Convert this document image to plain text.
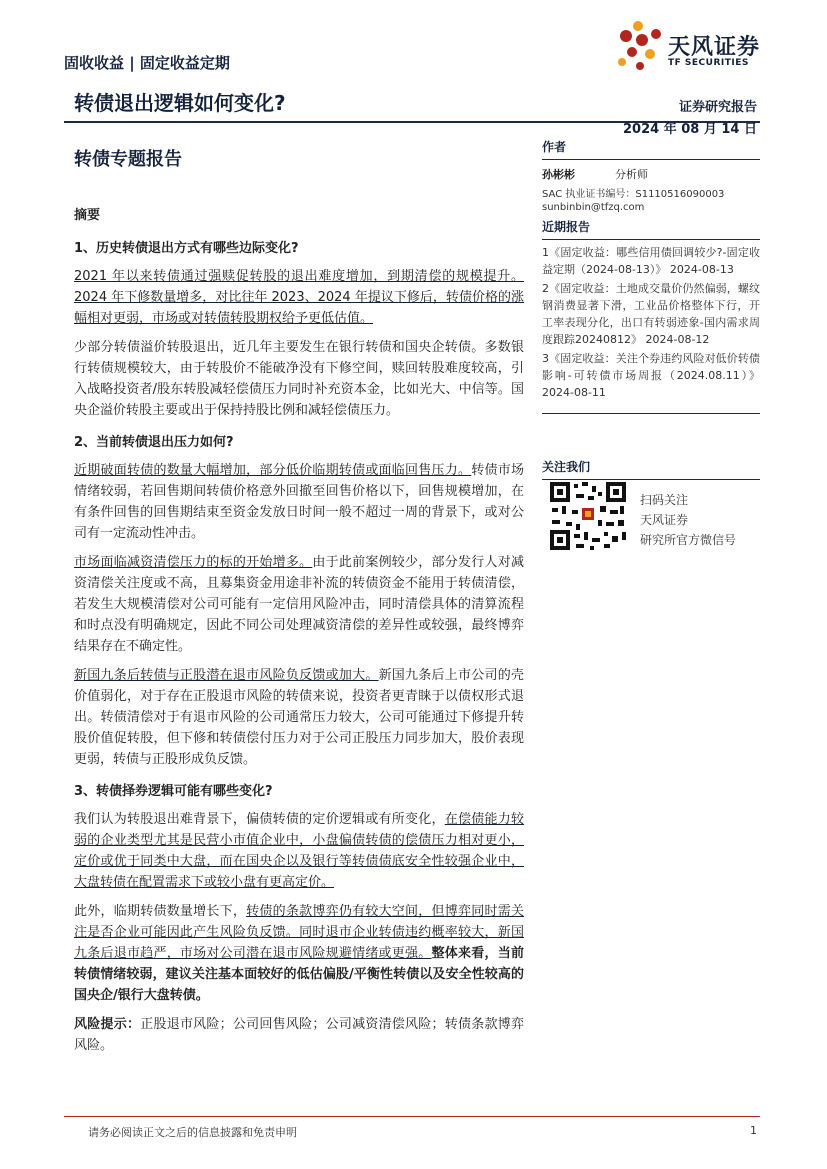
固收收益 | 固定收益定期
转债退出逻辑如何变化?
转债专题报告
证券研究报告
2024 年 08 月 14 日
天风证券
TF SECURITIES
作者
孙彬彬	分析师
SAC 执业证书编号：S1110516090003
sunbinbin@tfzq.com
近期报告
1《固定收益：哪些信用债回调较少?-固定收益定期（2024-08-13）》 2024-08-13
2《固定收益：土地成交量价仍然偏弱，螺纹钢消费显著下滑，工业品价格整体下行，开工率表现分化，出口有转弱迹象-国内需求周度跟踪20240812》 2024-08-12
3《固定收益：关注个券违约风险对低价转债影响-可转债市场周报（2024.08.11）》 2024-08-11
关注我们
扫码关注
天风证券
研究所官方微信号

摘要

1、历史转债退出方式有哪些边际变化?

2021 年以来转债通过强赎促转股的退出难度增加，到期清偿的规模提升。2024 年下修数量增多，对比往年 2023、2024 年提议下修后，转债价格的涨幅相对更弱，市场或对转债转股期权给予更低估值。

少部分转债溢价转股退出，近几年主要发生在银行转债和国央企转债。多数银行转债规模较大，由于转股价不能破净没有下修空间，赎回转股难度较高，引入战略投资者/股东转股减轻偿债压力同时补充资本金，比如光大、中信等。国央企溢价转股主要或出于保持持股比例和减轻偿债压力。

2、当前转债退出压力如何?

近期破面转债的数量大幅增加，部分低价临期转债或面临回售压力。转债市场情绪较弱，若回售期间转债价格意外回撤至回售价格以下，回售规模增加，在有条件回售的回售期结束至资金发放日时间一般不超过一周的背景下，或对公司有一定流动性冲击。

市场面临减资清偿压力的标的开始增多。由于此前案例较少，部分发行人对减资清偿关注度或不高，且募集资金用途非补流的转债资金不能用于转债清偿，若发生大规模清偿对公司可能有一定信用风险冲击，同时清偿具体的清算流程和时点没有明确规定，因此不同公司处理减资清偿的差异性或较强，最终博弈结果存在不确定性。

新国九条后转债与正股潜在退市风险负反馈或加大。新国九条后上市公司的壳价值弱化，对于存在正股退市风险的转债来说，投资者更青睐于以债权形式退出。转债清偿对于有退市风险的公司通常压力较大，公司可能通过下修提升转股价值促转股，但下修和转债偿付压力对于公司正股压力同步加大，股价表现更弱，转债与正股形成负反馈。

3、转债择券逻辑可能有哪些变化?

我们认为转股退出难背景下，偏债转债的定价逻辑或有所变化，在偿债能力较弱的企业类型尤其是民营小市值企业中，小盘偏债转债的偿债压力相对更小，定价或优于同类中大盘，而在国央企以及银行等转债债底安全性较强企业中，大盘转债在配置需求下或较小盘有更高定价。

此外，临期转债数量增长下，转债的条款博弈仍有较大空间，但博弈同时需关注是否企业可能因此产生风险负反馈。同时退市企业转债违约概率较大，新国九条后退市趋严，市场对公司潜在退市风险规避情绪或更强。整体来看，当前转债情绪较弱，建议关注基本面较好的低估偏股/平衡性转债以及安全性较高的国央企/银行大盘转债。

风险提示：正股退市风险；公司回售风险；公司减资清偿风险；转债条款博弈风险。

请务必阅读正文之后的信息披露和免责申明	1
